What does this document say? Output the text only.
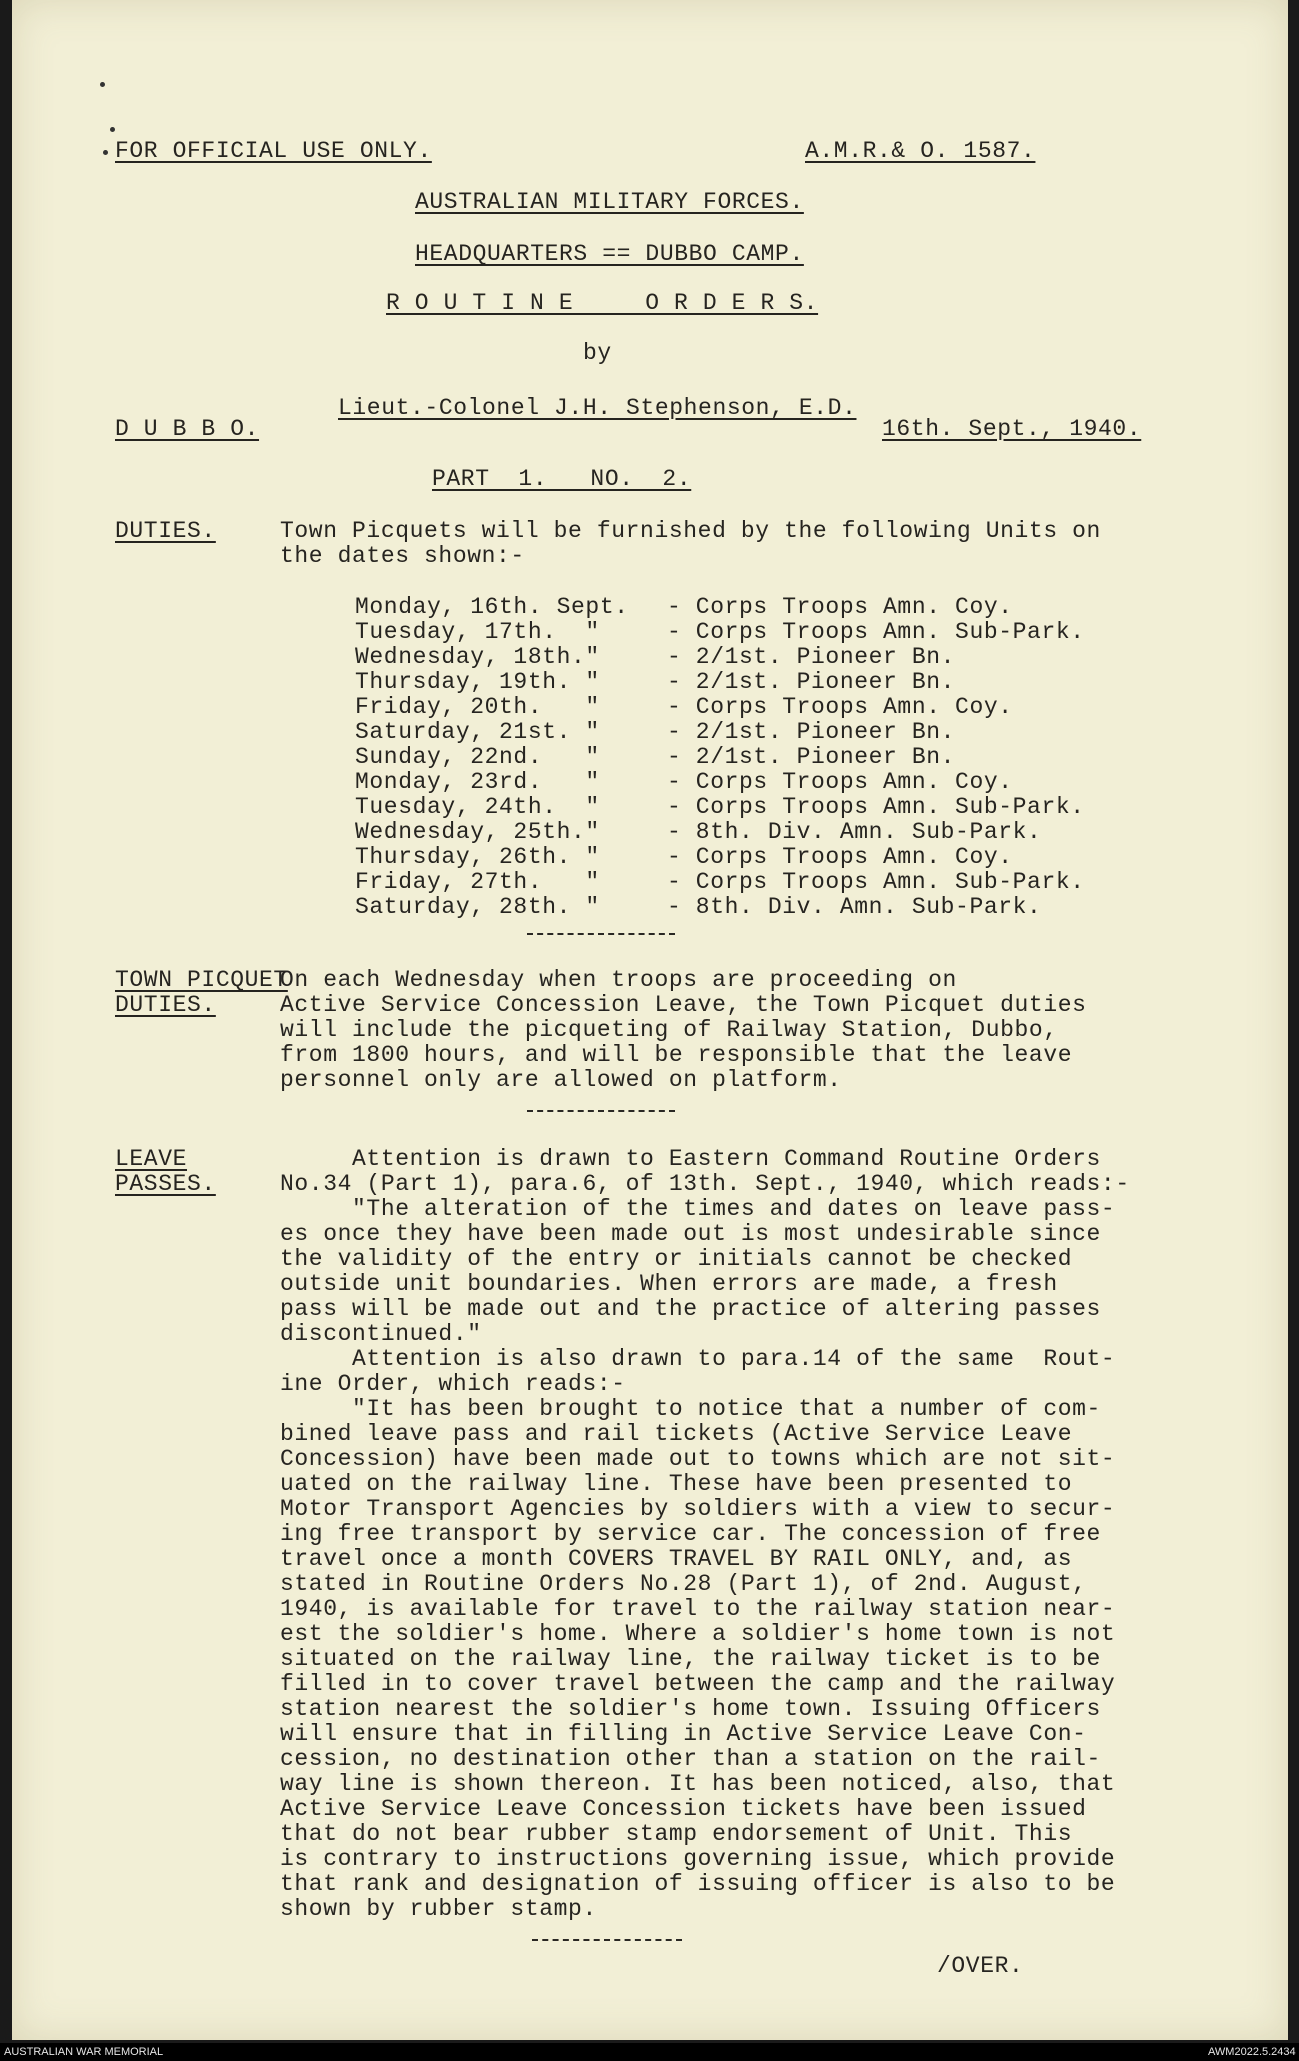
FOR OFFICIAL USE ONLY.	A.M.R.& O. 1587.
AUSTRALIAN MILITARY FORCES.
HEADQUARTERS == DUBBO CAMP.
R O U T I N E     O R D E R S.
by
Lieut.-Colonel J.H. Stephenson, E.D.
D U B B O.	16th. Sept., 1940.
PART  1.   NO.  2.
DUTIES.	Town Picquets will be furnished by the following Units on
the dates shown:-
Monday, 16th. Sept. - Corps Troops Amn. Coy.
Tuesday, 17th.  "	- Corps Troops Amn. Sub-Park.
Wednesday, 18th."	- 2/1st. Pioneer Bn.
Thursday, 19th. "	- 2/1st. Pioneer Bn.
Friday, 20th.   "	- Corps Troops Amn. Coy.
Saturday, 21st. "	- 2/1st. Pioneer Bn.
Sunday, 22nd.   "	- 2/1st. Pioneer Bn.
Monday, 23rd.   "	- Corps Troops Amn. Coy.
Tuesday, 24th.  "	- Corps Troops Amn. Sub-Park.
Wednesday, 25th."	- 8th. Div. Amn. Sub-Park.
Thursday, 26th. "	- Corps Troops Amn. Coy.
Friday, 27th.   "	- Corps Troops Amn. Sub-Park.
Saturday, 28th. "	- 8th. Div. Amn. Sub-Park.
TOWN PICQUET
DUTIES.
On each Wednesday when troops are proceeding on
Active Service Concession Leave, the Town Picquet duties
will include the picqueting of Railway Station, Dubbo,
from 1800 hours, and will be responsible that the leave
personnel only are allowed on platform.
LEAVE
PASSES.
Attention is drawn to Eastern Command Routine Orders
No.34 (Part 1), para.6, of 13th. Sept., 1940, which reads:-
"The alteration of the times and dates on leave pass-
es once they have been made out is most undesirable since
the validity of the entry or initials cannot be checked
outside unit boundaries. When errors are made, a fresh
pass will be made out and the practice of altering passes
discontinued."
Attention is also drawn to para.14 of the same  Rout-
ine Order, which reads:-
"It has been brought to notice that a number of com-
bined leave pass and rail tickets (Active Service Leave
Concession) have been made out to towns which are not sit-
uated on the railway line. These have been presented to
Motor Transport Agencies by soldiers with a view to secur-
ing free transport by service car. The concession of free
travel once a month COVERS TRAVEL BY RAIL ONLY, and, as
stated in Routine Orders No.28 (Part 1), of 2nd. August,
1940, is available for travel to the railway station near-
est the soldier's home. Where a soldier's home town is not
situated on the railway line, the railway ticket is to be
filled in to cover travel between the camp and the railway
station nearest the soldier's home town. Issuing Officers
will ensure that in filling in Active Service Leave Con-
cession, no destination other than a station on the rail-
way line is shown thereon. It has been noticed, also, that
Active Service Leave Concession tickets have been issued
that do not bear rubber stamp endorsement of Unit. This
is contrary to instructions governing issue, which provide
that rank and designation of issuing officer is also to be
shown by rubber stamp.
/OVER.
AUSTRALIAN WAR MEMORIAL	AWM2022.5.2434
